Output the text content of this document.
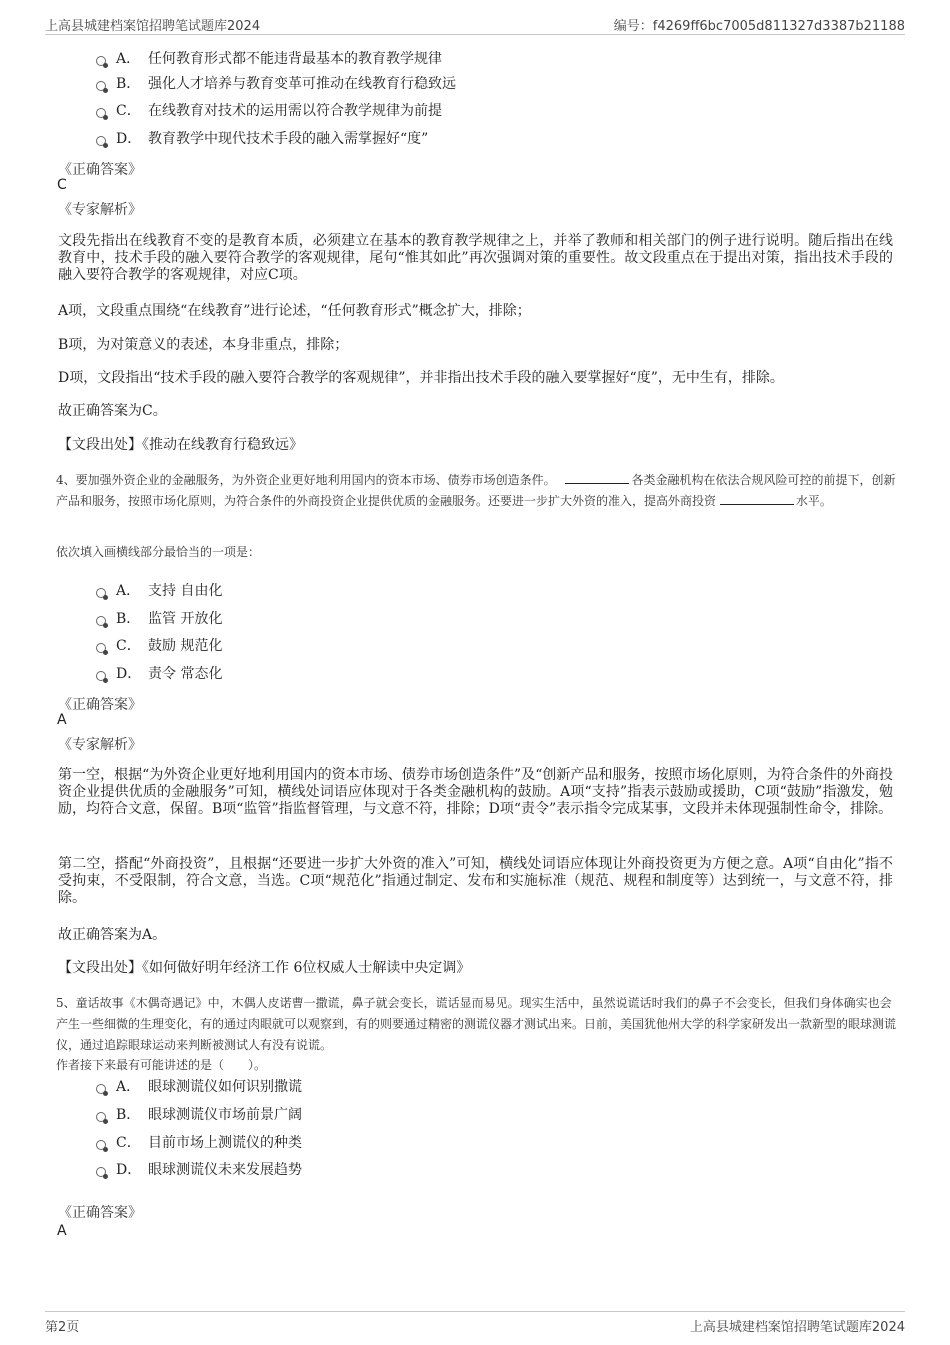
上高县城建档案馆招聘笔试题库2024	编号：f4269ff6bc7005d811327d3387b21188
A． 任何教育形式都不能违背最基本的教育教学规律
B． 强化人才培养与教育变革可推动在线教育行稳致远
C． 在线教育对技术的运用需以符合教学规律为前提
D． 教育教学中现代技术手段的融入需掌握好“度”
《正确答案》
C
《专家解析》
文段先指出在线教育不变的是教育本质，必须建立在基本的教育教学规律之上，并举了教师和相关部门的例子进行说明。随后指出在线教育中，技术手段的融入要符合教学的客观规律，尾句“惟其如此”再次强调对策的重要性。故文段重点在于提出对策，指出技术手段的融入要符合教学的客观规律，对应C项。
A项，文段重点围绕“在线教育”进行论述，“任何教育形式”概念扩大，排除；
B项，为对策意义的表述，本身非重点，排除；
D项，文段指出“技术手段的融入要符合教学的客观规律”，并非指出技术手段的融入要掌握好“度”，无中生有，排除。
故正确答案为C。
【文段出处】《推动在线教育行稳致远》
4、要加强外资企业的金融服务，为外资企业更好地利用国内的资本市场、债券市场创造条件。	各类金融机构在依法合规风险可控的前提下，创新产品和服务，按照市场化原则，为符合条件的外商投资企业提供优质的金融服务。还要进一步扩大外资的准入，提高外商投资	水平。
依次填入画横线部分最恰当的一项是：
A． 支持 自由化
B． 监管 开放化
C． 鼓励 规范化
D． 责令 常态化
《正确答案》
A
《专家解析》
第一空，根据“为外资企业更好地利用国内的资本市场、债券市场创造条件”及“创新产品和服务，按照市场化原则，为符合条件的外商投资企业提供优质的金融服务”可知，横线处词语应体现对于各类金融机构的鼓励。A项“支持”指表示鼓励或援助，C项“鼓励”指激发，勉励，均符合文意，保留。B项“监管”指监督管理，与文意不符，排除；D项“责令”表示指令完成某事，文段并未体现强制性命令，排除。
第二空，搭配“外商投资”，且根据“还要进一步扩大外资的准入”可知，横线处词语应体现让外商投资更为方便之意。A项“自由化”指不受拘束，不受限制，符合文意，当选。C项“规范化”指通过制定、发布和实施标准（规范、规程和制度等）达到统一，与文意不符，排除。
故正确答案为A。
【文段出处】《如何做好明年经济工作 6位权威人士解读中央定调》
5、童话故事《木偶奇遇记》中，木偶人皮诺曹一撒谎，鼻子就会变长，谎话显而易见。现实生活中，虽然说谎话时我们的鼻子不会变长，但我们身体确实也会产生一些细微的生理变化，有的通过肉眼就可以观察到，有的则要通过精密的测谎仪器才测试出来。日前，美国犹他州大学的科学家研发出一款新型的眼球测谎仪，通过追踪眼球运动来判断被测试人有没有说谎。
作者接下来最有可能讲述的是（　　）。
A． 眼球测谎仪如何识别撒谎
B． 眼球测谎仪市场前景广阔
C． 目前市场上测谎仪的种类
D． 眼球测谎仪未来发展趋势
《正确答案》
A
第2页	上高县城建档案馆招聘笔试题库2024
